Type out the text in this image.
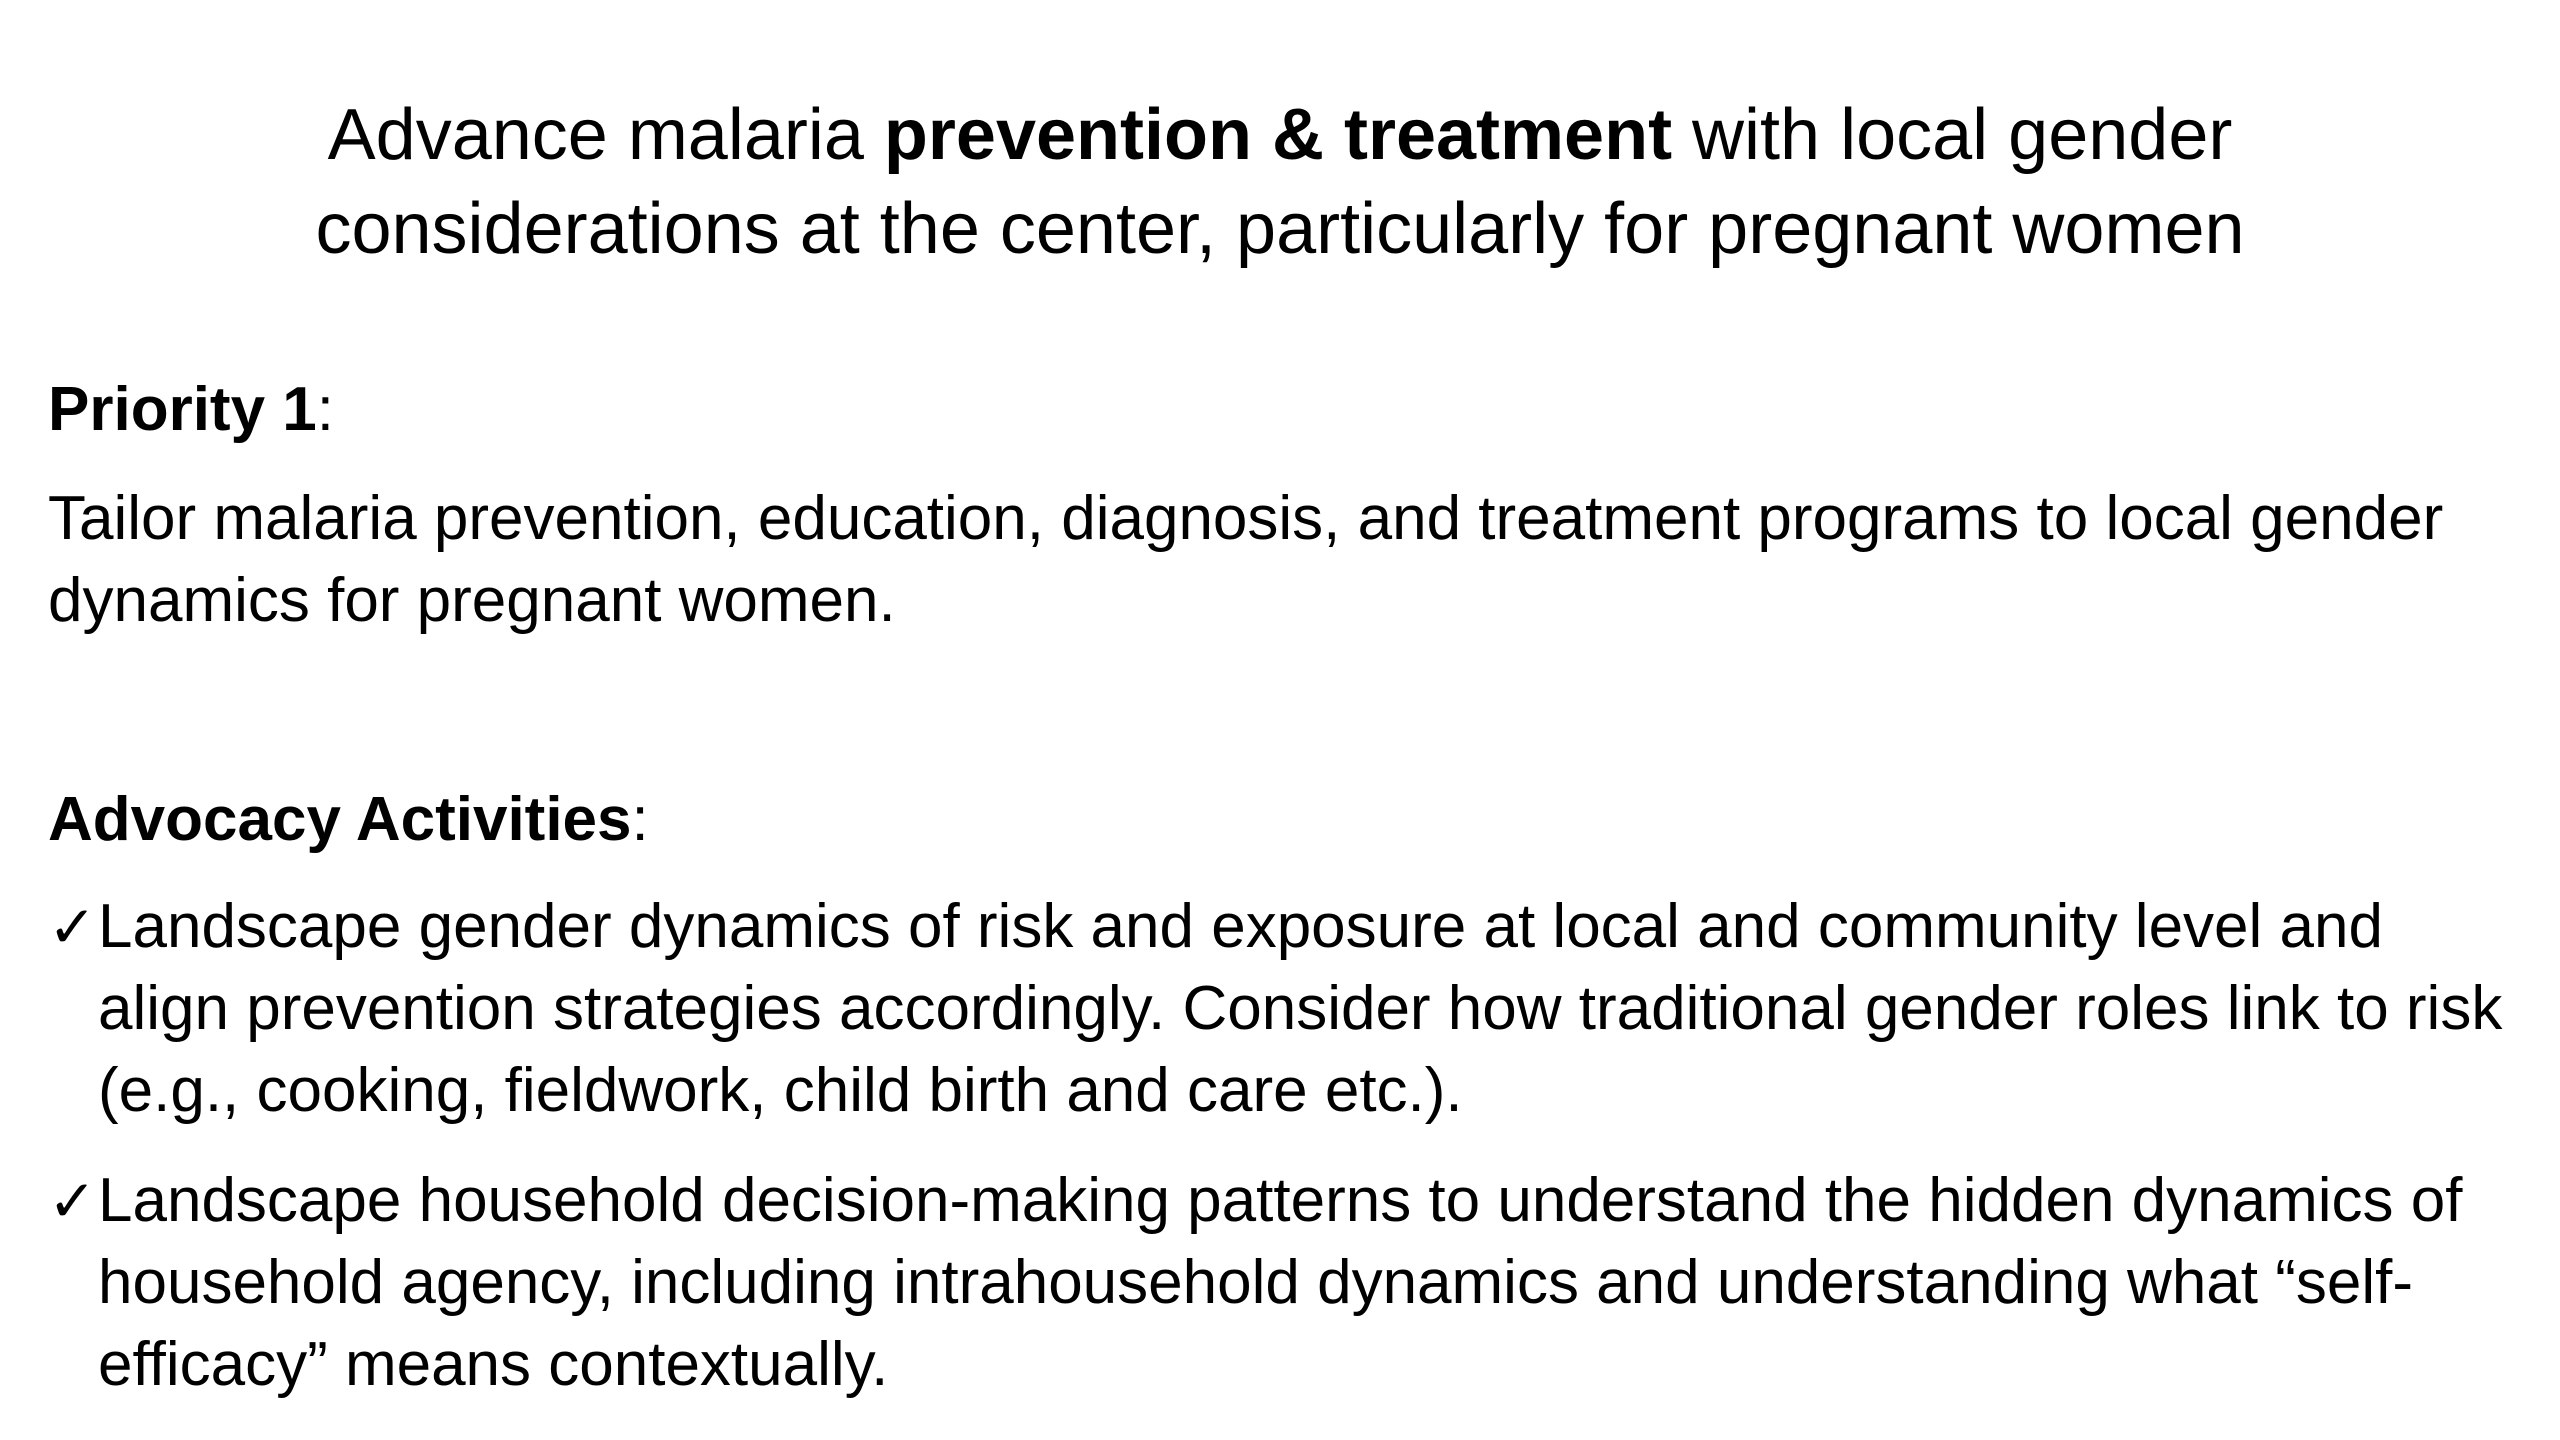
Advance malaria prevention & treatment with local gender considerations at the center, particularly for pregnant women
Priority 1:
Tailor malaria prevention, education, diagnosis, and treatment programs to local gender dynamics for pregnant women.
Advocacy Activities:
✓Landscape gender dynamics of risk and exposure at local and community level and align prevention strategies accordingly. Consider how traditional gender roles link to risk (e.g., cooking, fieldwork, child birth and care etc.).
✓Landscape household decision-making patterns to understand the hidden dynamics of household agency, including intrahousehold dynamics and understanding what “self-efficacy” means contextually.
